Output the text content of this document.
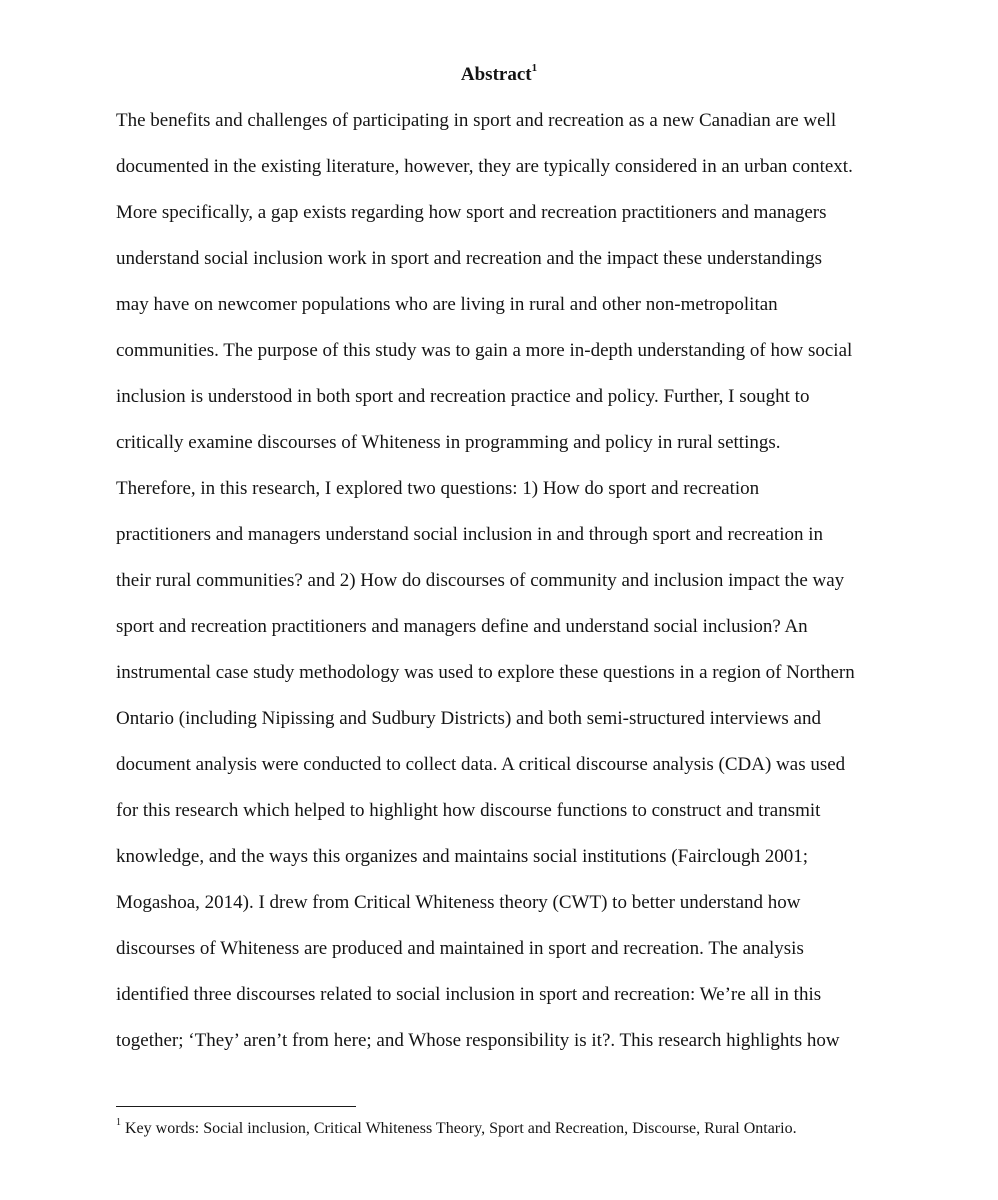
Abstract$^1$
The benefits and challenges of participating in sport and recreation as a new Canadian are well
documented in the existing literature, however, they are typically considered in an urban context.
More specifically, a gap exists regarding how sport and recreation practitioners and managers
understand social inclusion work in sport and recreation and the impact these understandings
may have on newcomer populations who are living in rural and other non-metropolitan
communities. The purpose of this study was to gain a more in-depth understanding of how social
inclusion is understood in both sport and recreation practice and policy. Further, I sought to
critically examine discourses of Whiteness in programming and policy in rural settings.
Therefore, in this research, I explored two questions: 1) How do sport and recreation
practitioners and managers understand social inclusion in and through sport and recreation in
their rural communities? and 2) How do discourses of community and inclusion impact the way
sport and recreation practitioners and managers define and understand social inclusion? An
instrumental case study methodology was used to explore these questions in a region of Northern
Ontario (including Nipissing and Sudbury Districts) and both semi-structured interviews and
document analysis were conducted to collect data. A critical discourse analysis (CDA) was used
for this research which helped to highlight how discourse functions to construct and transmit
knowledge, and the ways this organizes and maintains social institutions (Fairclough 2001;
Mogashoa, 2014). I drew from Critical Whiteness theory (CWT) to better understand how
discourses of Whiteness are produced and maintained in sport and recreation. The analysis
identified three discourses related to social inclusion in sport and recreation: We’re all in this
together; ‘They’ aren’t from here; and Whose responsibility is it?. This research highlights how
$^1$ Key words: Social inclusion, Critical Whiteness Theory, Sport and Recreation, Discourse, Rural Ontario.
